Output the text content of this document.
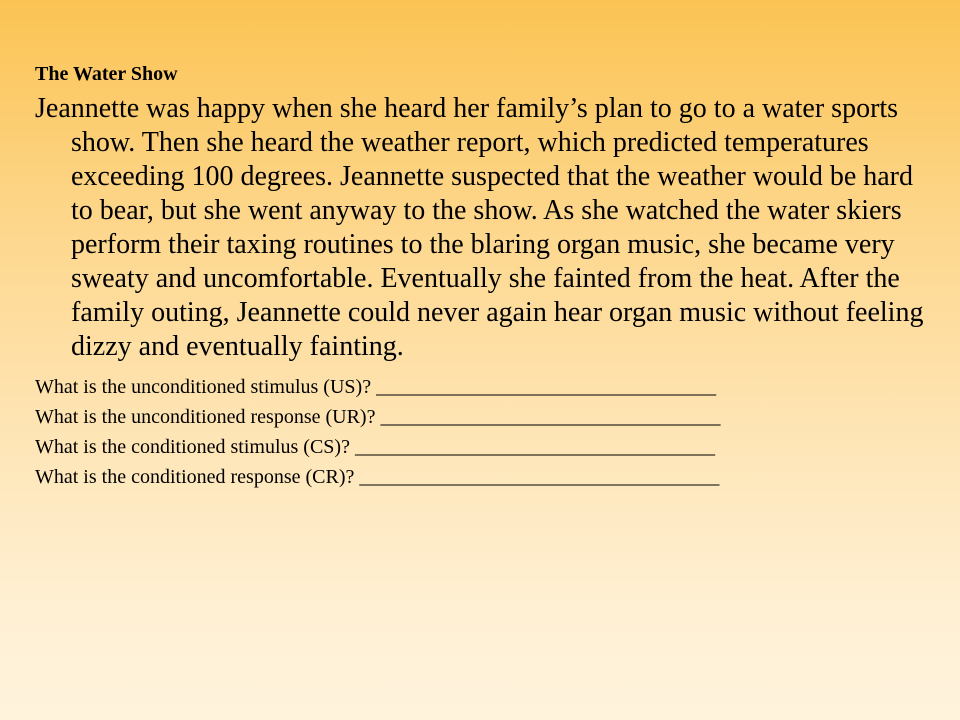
The Water Show

Jeannette was happy when she heard her family’s plan to go to a water sports show. Then she heard the weather report, which predicted temperatures exceeding 100 degrees. Jeannette suspected that the weather would be hard to bear, but she went anyway to the show. As she watched the water skiers perform their taxing routines to the blaring organ music, she became very sweaty and uncomfortable. Eventually she fainted from the heat. After the family outing, Jeannette could never again hear organ music without feeling dizzy and eventually fainting.

What is the unconditioned stimulus (US)? __________________________________
What is the unconditioned response (UR)? __________________________________
What is the conditioned stimulus (CS)? ____________________________________
What is the conditioned response (CR)? ____________________________________
